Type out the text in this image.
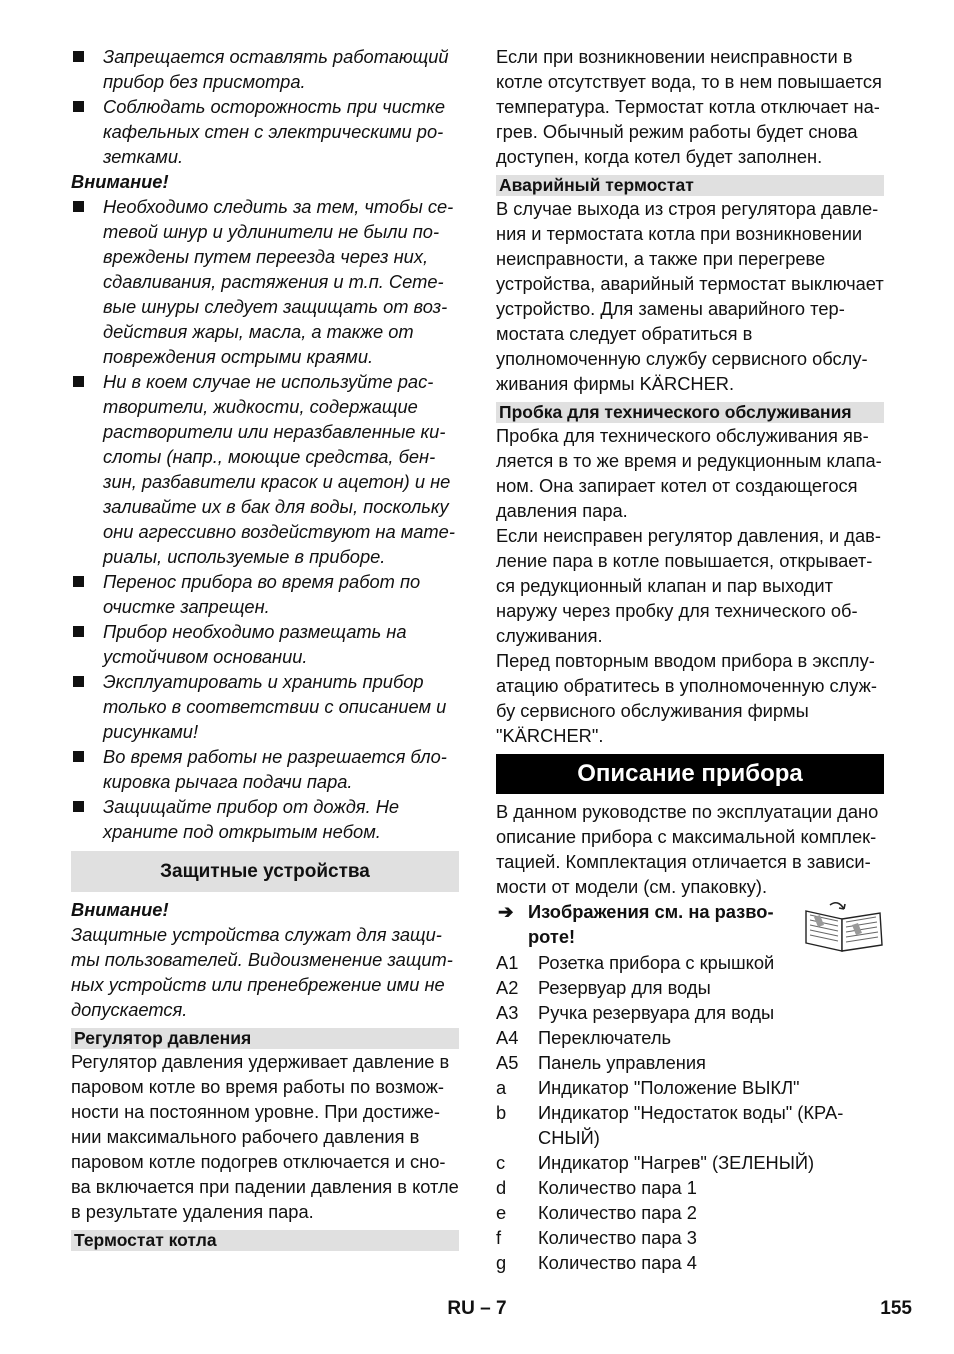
Запрещается оставлять работающий прибор без присмотра.
Соблюдать осторожность при чистке кафельных стен с электрическими розетками.

Внимание!

Необходимо следить за тем, чтобы сетевой шнур и удлинители не были повреждены путем переезда через них, сдавливания, растяжения и т.п. Сетевые шнуры следует защищать от воздействия жары, масла, а также от повреждения острыми краями.
Ни в коем случае не используйте растворители, жидкости, содержащие растворители или неразбавленные кислоты (напр., моющие средства, бензин, разбавители красок и ацетон) и не заливайте их в бак для воды, поскольку они агрессивно воздействуют на материалы, используемые в приборе.
Перенос прибора во время работ по очистке запрещен.
Прибор необходимо размещать на устойчивом основании.
Эксплуатировать и хранить прибор только в соответствии с описанием и рисунками!
Во время работы не разрешается блокировка рычага подачи пара.
Защищайте прибор от дождя. Не храните под открытым небом.
Защитные устройства

Внимание!

Защитные устройства служат для защиты пользователей. Видоизменение защитных устройств или пренебрежение ими не допускается.

Регулятор давления

Регулятор давления удерживает давление в паровом котле во время работы по возможности на постоянном уровне. При достижении максимального рабочего давления в паровом котле подогрев отключается и снова включается при падении давления в котле в результате удаления пара.

Термостат котла

Если при возникновении неисправности в котле отсутствует вода, то в нем повышается температура. Термостат котла отключает нагрев. Обычный режим работы будет снова доступен, когда котел будет заполнен.

Аварийный термостат

В случае выхода из строя регулятора давления и термостата котла при возникновении неисправности, а также при перегреве устройства, аварийный термостат выключает устройство. Для замены аварийного термостата следует обратиться в уполномоченную службу сервисного обслуживания фирмы KÄRCHER.

Пробка для технического обслуживания

Пробка для технического обслуживания является в то же время и редукционным клапаном. Она запирает котел от создающегося давления пара.

Если неисправен регулятор давления, и давление пара в котле повышается, открывается редукционный клапан и пар выходит наружу через пробку для технического обслуживания.

Перед повторным вводом прибора в эксплуатацию обратитесь в уполномоченную службу сервисного обслуживания фирмы "KÄRCHER".

Описание прибора

В данном руководстве по эксплуатации дано описание прибора с максимальной комплектацией. Комплектация отличается в зависимости от модели (см. упаковку).

➔ Изображения см. на развороте!
A1	Розетка прибора с крышкой
A2	Резервуар для воды
A3	Ручка резервуара для воды
A4	Переключатель
A5	Панель управления
a	Индикатор "Положение ВЫКЛ"
b	Индикатор "Недостаток воды" (КРАСНЫЙ)
c	Индикатор "Нагрев" (ЗЕЛЕНЫЙ)
d	Количество пара 1
e	Количество пара 2
f	Количество пара 3
g	Количество пара 4
RU – 7	155
